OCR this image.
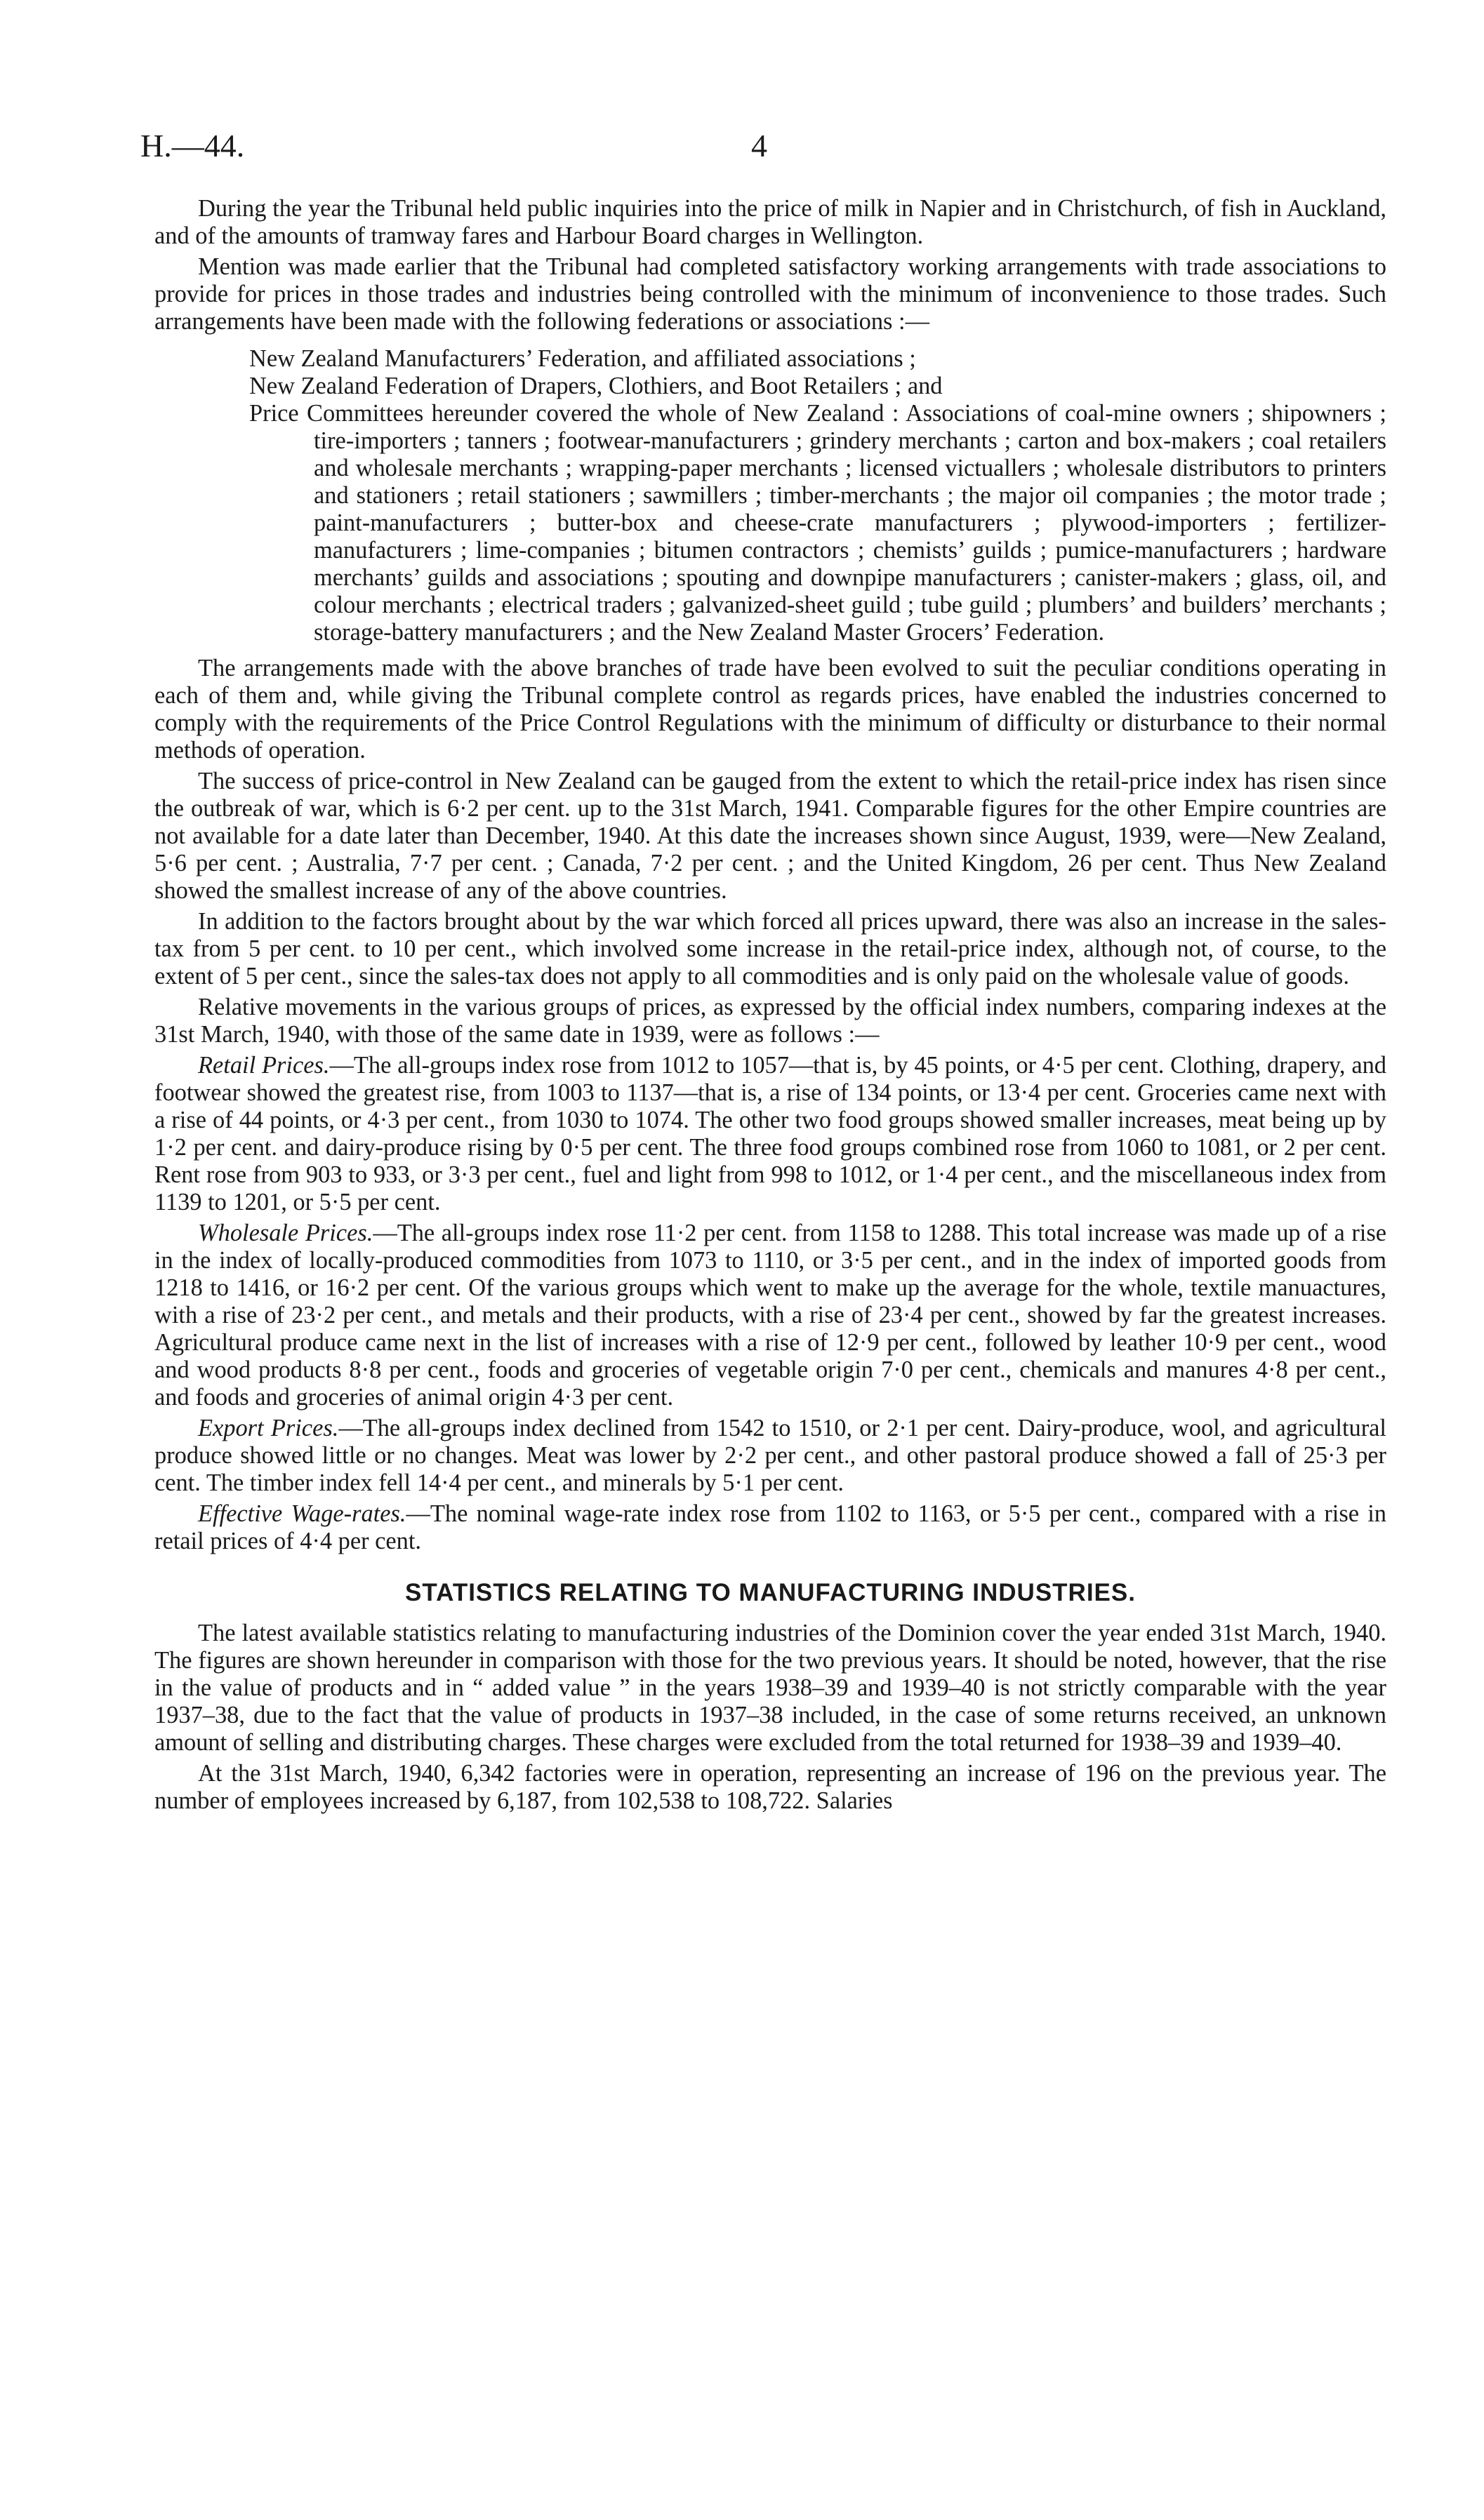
H.—44.	4

During the year the Tribunal held public inquiries into the price of milk in Napier and in Christchurch, of fish in Auckland, and of the amounts of tramway fares and Harbour Board charges in Wellington.

Mention was made earlier that the Tribunal had completed satisfactory working arrangements with trade associations to provide for prices in those trades and industries being controlled with the minimum of inconvenience to those trades. Such arrangements have been made with the following federations or associations :—

New Zealand Manufacturers’ Federation, and affiliated associations ;
New Zealand Federation of Drapers, Clothiers, and Boot Retailers ; and
Price Committees hereunder covered the whole of New Zealand : Associations of coal-mine owners ; shipowners ; tire-importers ; tanners ; footwear-manufacturers ; grindery merchants ; carton and box-makers ; coal retailers and wholesale merchants ; wrapping-paper merchants ; licensed victuallers ; wholesale distributors to printers and stationers ; retail stationers ; sawmillers ; timber-merchants ; the major oil companies ; the motor trade ; paint-manufacturers ; butter-box and cheese-crate manufacturers ; plywood-importers ; fertilizer-manufacturers ; lime-companies ; bitumen contractors ; chemists’ guilds ; pumice-manufacturers ; hardware merchants’ guilds and associations ; spouting and downpipe manufacturers ; canister-makers ; glass, oil, and colour merchants ; electrical traders ; galvanized-sheet guild ; tube guild ; plumbers’ and builders’ merchants ; storage-battery manufacturers ; and the New Zealand Master Grocers’ Federation.

The arrangements made with the above branches of trade have been evolved to suit the peculiar conditions operating in each of them and, while giving the Tribunal complete control as regards prices, have enabled the industries concerned to comply with the requirements of the Price Control Regulations with the minimum of difficulty or disturbance to their normal methods of operation.

The success of price-control in New Zealand can be gauged from the extent to which the retail-price index has risen since the outbreak of war, which is 6·2 per cent. up to the 31st March, 1941. Comparable figures for the other Empire countries are not available for a date later than December, 1940. At this date the increases shown since August, 1939, were—New Zealand, 5·6 per cent. ; Australia, 7·7 per cent. ; Canada, 7·2 per cent. ; and the United Kingdom, 26 per cent. Thus New Zealand showed the smallest increase of any of the above countries.

In addition to the factors brought about by the war which forced all prices upward, there was also an increase in the sales-tax from 5 per cent. to 10 per cent., which involved some increase in the retail-price index, although not, of course, to the extent of 5 per cent., since the sales-tax does not apply to all commodities and is only paid on the wholesale value of goods.

Relative movements in the various groups of prices, as expressed by the official index numbers, comparing indexes at the 31st March, 1940, with those of the same date in 1939, were as follows :—

Retail Prices.—The all-groups index rose from 1012 to 1057—that is, by 45 points, or 4·5 per cent. Clothing, drapery, and footwear showed the greatest rise, from 1003 to 1137—that is, a rise of 134 points, or 13·4 per cent. Groceries came next with a rise of 44 points, or 4·3 per cent., from 1030 to 1074. The other two food groups showed smaller increases, meat being up by 1·2 per cent. and dairy-produce rising by 0·5 per cent. The three food groups combined rose from 1060 to 1081, or 2 per cent. Rent rose from 903 to 933, or 3·3 per cent., fuel and light from 998 to 1012, or 1·4 per cent., and the miscellaneous index from 1139 to 1201, or 5·5 per cent.

Wholesale Prices.—The all-groups index rose 11·2 per cent. from 1158 to 1288. This total increase was made up of a rise in the index of locally-produced commodities from 1073 to 1110, or 3·5 per cent., and in the index of imported goods from 1218 to 1416, or 16·2 per cent. Of the various groups which went to make up the average for the whole, textile manuactures, with a rise of 23·2 per cent., and metals and their products, with a rise of 23·4 per cent., showed by far the greatest increases. Agricultural produce came next in the list of increases with a rise of 12·9 per cent., followed by leather 10·9 per cent., wood and wood products 8·8 per cent., foods and groceries of vegetable origin 7·0 per cent., chemicals and manures 4·8 per cent., and foods and groceries of animal origin 4·3 per cent.

Export Prices.—The all-groups index declined from 1542 to 1510, or 2·1 per cent. Dairy-produce, wool, and agricultural produce showed little or no changes. Meat was lower by 2·2 per cent., and other pastoral produce showed a fall of 25·3 per cent. The timber index fell 14·4 per cent., and minerals by 5·1 per cent.

Effective Wage-rates.—The nominal wage-rate index rose from 1102 to 1163, or 5·5 per cent., compared with a rise in retail prices of 4·4 per cent.

STATISTICS RELATING TO MANUFACTURING INDUSTRIES.

The latest available statistics relating to manufacturing industries of the Dominion cover the year ended 31st March, 1940. The figures are shown hereunder in comparison with those for the two previous years. It should be noted, however, that the rise in the value of products and in “ added value ” in the years 1938–39 and 1939–40 is not strictly comparable with the year 1937–38, due to the fact that the value of products in 1937–38 included, in the case of some returns received, an unknown amount of selling and distributing charges. These charges were excluded from the total returned for 1938–39 and 1939–40.

At the 31st March, 1940, 6,342 factories were in operation, representing an increase of 196 on the previous year. The number of employees increased by 6,187, from 102,538 to 108,722. Salaries
